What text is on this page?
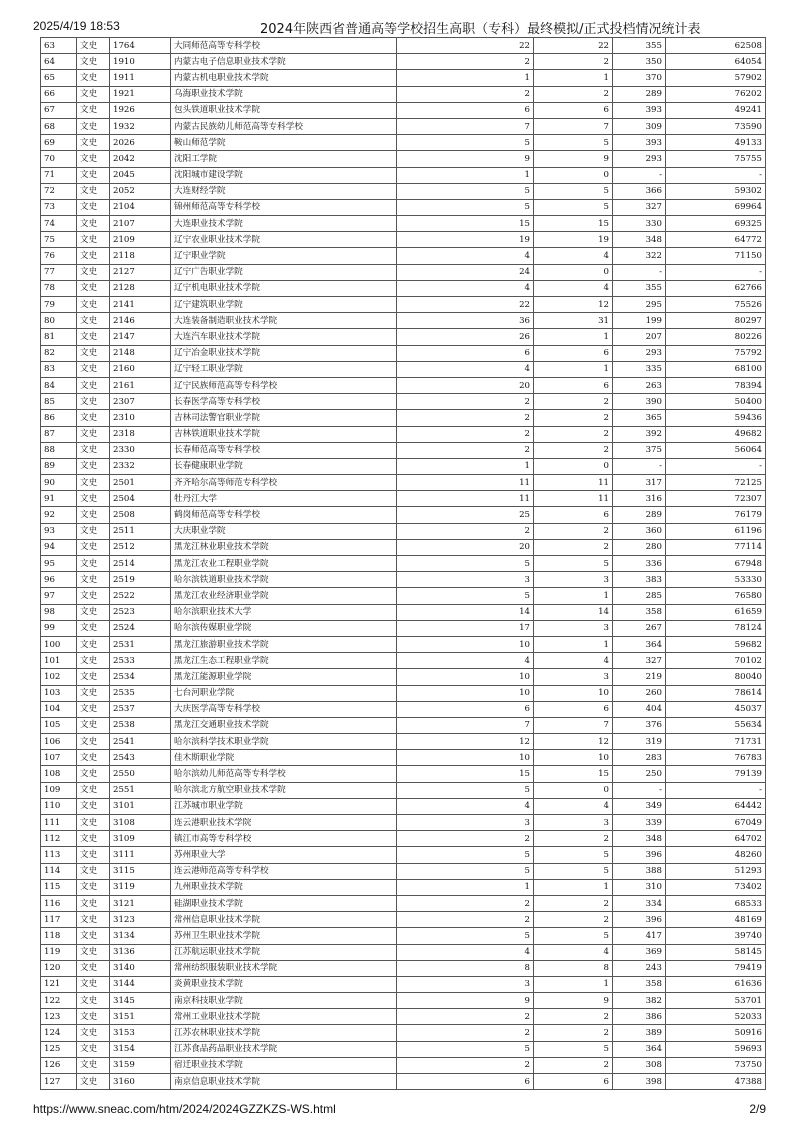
2025/4/19 18:53	2024年陕西省普通高等学校招生高职（专科）最终模拟/正式投档情况统计表
63	文史	1764	大同师范高等专科学校	22	22	355	62508
64	文史	1910	内蒙古电子信息职业技术学院	2	2	350	64054
65	文史	1911	内蒙古机电职业技术学院	1	1	370	57902
66	文史	1921	乌海职业技术学院	2	2	289	76202
67	文史	1926	包头铁道职业技术学院	6	6	393	49241
68	文史	1932	内蒙古民族幼儿师范高等专科学校	7	7	309	73590
69	文史	2026	鞍山师范学院	5	5	393	49133
70	文史	2042	沈阳工学院	9	9	293	75755
71	文史	2045	沈阳城市建设学院	1	0	-	-
72	文史	2052	大连财经学院	5	5	366	59302
73	文史	2104	锦州师范高等专科学校	5	5	327	69964
74	文史	2107	大连职业技术学院	15	15	330	69325
75	文史	2109	辽宁农业职业技术学院	19	19	348	64772
76	文史	2118	辽宁职业学院	4	4	322	71150
77	文史	2127	辽宁广告职业学院	24	0	-	-
78	文史	2128	辽宁机电职业技术学院	4	4	355	62766
79	文史	2141	辽宁建筑职业学院	22	12	295	75526
80	文史	2146	大连装备制造职业技术学院	36	31	199	80297
81	文史	2147	大连汽车职业技术学院	26	1	207	80226
82	文史	2148	辽宁冶金职业技术学院	6	6	293	75792
83	文史	2160	辽宁轻工职业学院	4	1	335	68100
84	文史	2161	辽宁民族师范高等专科学校	20	6	263	78394
85	文史	2307	长春医学高等专科学校	2	2	390	50400
86	文史	2310	吉林司法警官职业学院	2	2	365	59436
87	文史	2318	吉林铁道职业技术学院	2	2	392	49682
88	文史	2330	长春师范高等专科学校	2	2	375	56064
89	文史	2332	长春健康职业学院	1	0	-	-
90	文史	2501	齐齐哈尔高等师范专科学校	11	11	317	72125
91	文史	2504	牡丹江大学	11	11	316	72307
92	文史	2508	鹤岗师范高等专科学校	25	6	289	76179
93	文史	2511	大庆职业学院	2	2	360	61196
94	文史	2512	黑龙江林业职业技术学院	20	2	280	77114
95	文史	2514	黑龙江农业工程职业学院	5	5	336	67948
96	文史	2519	哈尔滨铁道职业技术学院	3	3	383	53330
97	文史	2522	黑龙江农业经济职业学院	5	1	285	76580
98	文史	2523	哈尔滨职业技术大学	14	14	358	61659
99	文史	2524	哈尔滨传媒职业学院	17	3	267	78124
100	文史	2531	黑龙江旅游职业技术学院	10	1	364	59682
101	文史	2533	黑龙江生态工程职业学院	4	4	327	70102
102	文史	2534	黑龙江能源职业学院	10	3	219	80040
103	文史	2535	七台河职业学院	10	10	260	78614
104	文史	2537	大庆医学高等专科学校	6	6	404	45037
105	文史	2538	黑龙江交通职业技术学院	7	7	376	55634
106	文史	2541	哈尔滨科学技术职业学院	12	12	319	71731
107	文史	2543	佳木斯职业学院	10	10	283	76783
108	文史	2550	哈尔滨幼儿师范高等专科学校	15	15	250	79139
109	文史	2551	哈尔滨北方航空职业技术学院	5	0	-	-
110	文史	3101	江苏城市职业学院	4	4	349	64442
111	文史	3108	连云港职业技术学院	3	3	339	67049
112	文史	3109	镇江市高等专科学校	2	2	348	64702
113	文史	3111	苏州职业大学	5	5	396	48260
114	文史	3115	连云港师范高等专科学校	5	5	388	51293
115	文史	3119	九州职业技术学院	1	1	310	73402
116	文史	3121	硅湖职业技术学院	2	2	334	68533
117	文史	3123	常州信息职业技术学院	2	2	396	48169
118	文史	3134	苏州卫生职业技术学院	5	5	417	39740
119	文史	3136	江苏航运职业技术学院	4	4	369	58145
120	文史	3140	常州纺织服装职业技术学院	8	8	243	79419
121	文史	3144	炎黄职业技术学院	3	1	358	61636
122	文史	3145	南京科技职业学院	9	9	382	53701
123	文史	3151	常州工业职业技术学院	2	2	386	52033
124	文史	3153	江苏农林职业技术学院	2	2	389	50916
125	文史	3154	江苏食品药品职业技术学院	5	5	364	59693
126	文史	3159	宿迁职业技术学院	2	2	308	73750
127	文史	3160	南京信息职业技术学院	6	6	398	47388
https://www.sneac.com/htm/2024/2024GZZKZS-WS.html	2/9
